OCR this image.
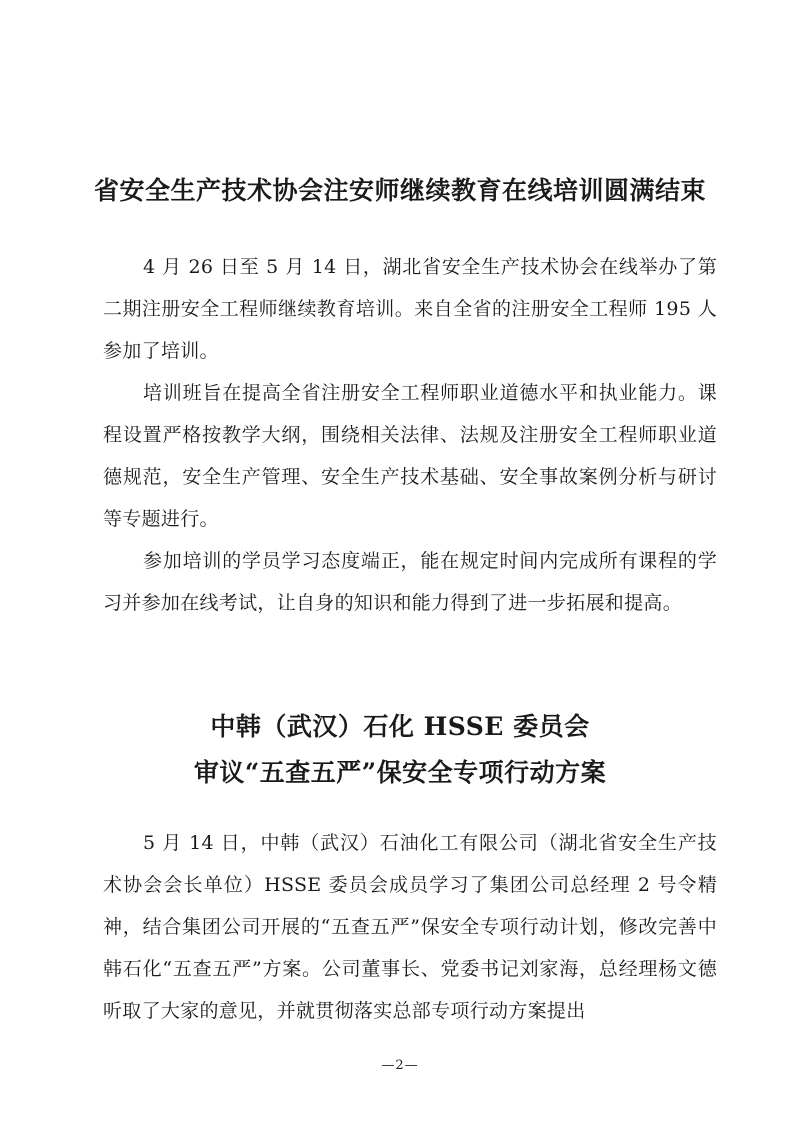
省安全生产技术协会注安师继续教育在线培训圆满结束

4 月 26 日至 5 月 14 日，湖北省安全生产技术协会在线举办了第二期注册安全工程师继续教育培训。来自全省的注册安全工程师 195 人参加了培训。

培训班旨在提高全省注册安全工程师职业道德水平和执业能力。课程设置严格按教学大纲，围绕相关法律、法规及注册安全工程师职业道德规范，安全生产管理、安全生产技术基础、安全事故案例分析与研讨等专题进行。

参加培训的学员学习态度端正，能在规定时间内完成所有课程的学习并参加在线考试，让自身的知识和能力得到了进一步拓展和提高。

中韩（武汉）石化 HSSE 委员会
审议“五查五严”保安全专项行动方案

5 月 14 日，中韩（武汉）石油化工有限公司（湖北省安全生产技术协会会长单位）HSSE 委员会成员学习了集团公司总经理 2 号令精神，结合集团公司开展的“五查五严”保安全专项行动计划，修改完善中韩石化“五查五严”方案。公司董事长、党委书记刘家海，总经理杨文德听取了大家的意见，并就贯彻落实总部专项行动方案提出

—2—
